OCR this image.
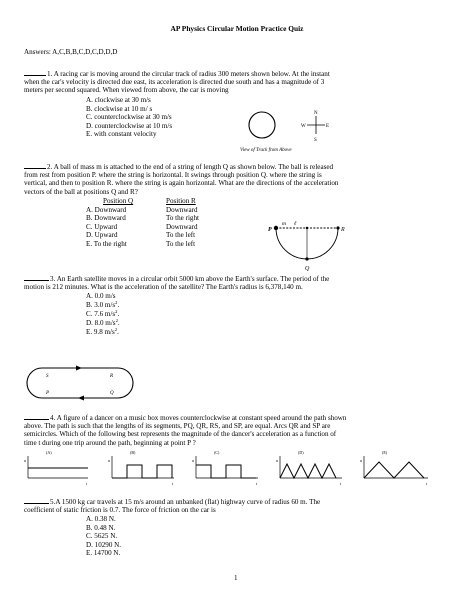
AP Physics Circular Motion Practice Quiz
Answers: A,C,B,B,C,D,C,D,D,D
1. A racing car is moving around the circular track of radius 300 meters shown below. At the instant
when the car's velocity is directed due east, its acceleration is directed due south and has a magnitude of 3
meters per second squared. When viewed from above, the car is moving
A. clockwise at 30 m/s
B. clockwise at 10 m/ s
C. counterclockwise at 30 m/s
D. counterclockwise at 10 m/s
E. with constant velocity
View of Track from Above
N
S
W	E
2. A ball of mass m is attached to the end of a string of length Q as shown below. The ball is released
from rest from position P. where the string is horizontal. It swings through position Q. where the string is
vertical, and then to position R. where the string is again horizontal. What are the directions of the acceleration
vectors of the ball at positions Q and R?
Position Q	Position R
A. Downward	Downward
B. Downward	To the right
C. Upward	Downward
D. Upward	To the left
E. To the right	To the left
P
m ℓ
R
Q
3. An Earth satellite moves in a circular orbit 5000 km above the Earth's surface. The period of the
motion is 212 minutes. What is the acceleration of the satellite? The Earth's radius is 6,378,140 m.
A. 0.0 m/s
B. 3.0 $m/s^2$.
C. 7.6 $m/s^2$.
D. 8.0 $m/s^2$.
E. 9.8 $m/s^2$.
S	R
P	Q
4. A figure of a dancer on a music box moves counterclockwise at constant speed around the path shown
above. The path is such that the lengths of its segments, PQ, QR, RS, and SP, are equal. Arcs QR and SP are
semicircles. Which of the following best represents the magnitude of the dancer's acceleration as a function of
time t during one trip around the path, beginning at point P ?
(A)
a
t
(B)
a
t
(C)
a
t
(D)
a
t
(E)
a
t
5.A 1500 kg car travels at 15 m/s around an unbanked (flat) highway curve of radius 60 m. The
coefficient of static friction is 0.7. The force of friction on the car is
A. 0.38 N.
B. 0.48 N.
C. 5625 N.
D. 10290 N.
E. 14700 N.
1
